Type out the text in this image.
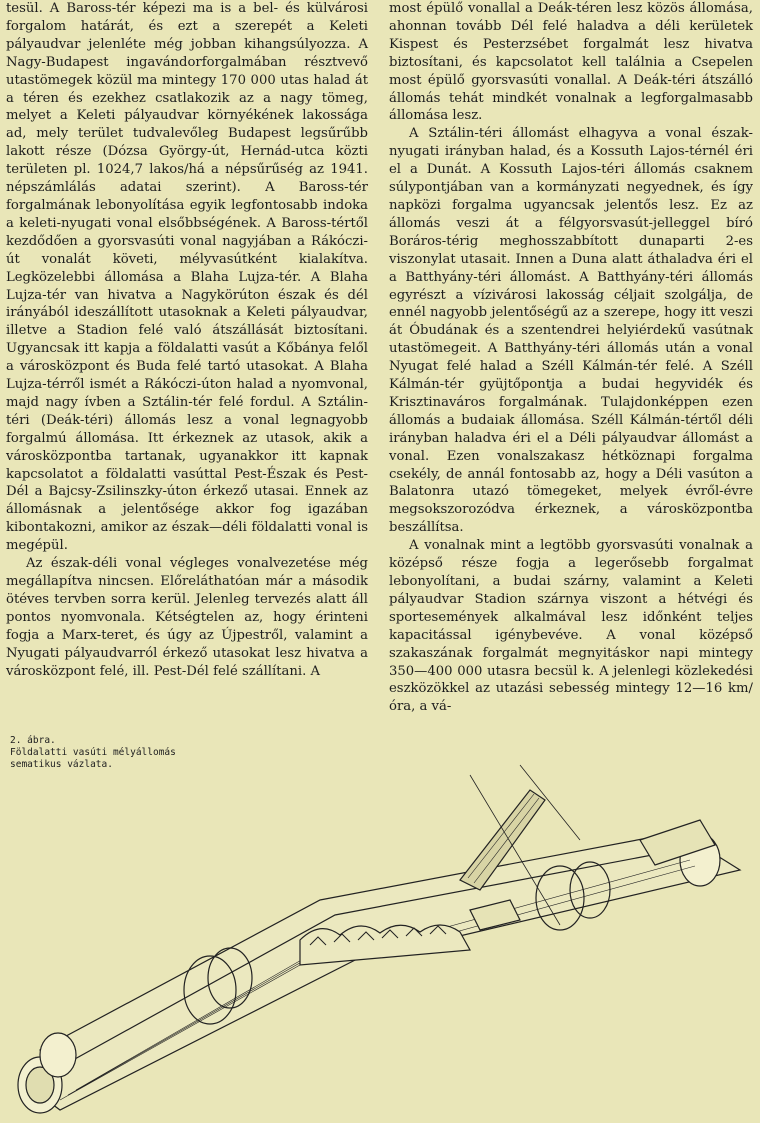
tesül. A Baross-tér képezi ma is a bel- és külvárosi forgalom határát, és ezt a szerepét a Keleti pályaudvar jelenléte még jobban kihangsúlyozza. A Nagy-Budapest ingavándorforgalmában résztvevő utastömegek közül ma mintegy 170 000 utas halad át a téren és ezekhez csatlakozik az a nagy tömeg, melyet a Keleti pályaudvar környékének lakossága ad, mely terület tudvalevőleg Budapest legsűrűbb lakott része (Dózsa György-út, Hernád-utca közti területen pl. 1024,7 lakos/há a népsűrűség az 1941. népszámlálás adatai szerint). A Baross-tér forgalmának lebonyolítása egyik legfontosabb indoka a keleti-nyugati vonal elsőbbségének. A Baross-tértől kezdődően a gyorsvasúti vonal nagyjában a Rákóczi-út vonalát követi, mélyvasútként kialakítva. Legközelebbi állomása a Blaha Lujza-tér. A Blaha Lujza-tér van hivatva a Nagykörúton észak és dél irányából ideszállított utasoknak a Keleti pályaudvar, illetve a Stadion felé való átszállását biztosítani. Ugyancsak itt kapja a földalatti vasút a Kőbánya felől a városközpont és Buda felé tartó utasokat. A Blaha Lujza-térről ismét a Rákóczi-úton halad a nyomvonal, majd nagy ívben a Sztálin-tér felé fordul. A Sztálin-téri (Deák-téri) állomás lesz a vonal legnagyobb forgalmú állomása. Itt érkeznek az utasok, akik a városközpontba tartanak, ugyanakkor itt kapnak kapcsolatot a földalatti vasúttal Pest-Észak és Pest-Dél a Bajcsy-Zsilinszky-úton érkező utasai. Ennek az állomásnak a jelentősége akkor fog igazában kibontakozni, amikor az észak—déli földalatti vonal is megépül.

Az észak-déli vonal végleges vonalvezetése még megállapítva nincsen. Előreláthatóan már a második ötéves tervben sorra kerül. Jelenleg tervezés alatt áll pontos nyomvonala. Kétségtelen az, hogy érinteni fogja a Marx-teret, és úgy az Újpestről, valamint a Nyugati pályaudvarról érkező utasokat lesz hivatva a városközpont felé, ill. Pest-Dél felé szállítani. A

most épülő vonallal a Deák-téren lesz közös állomása, ahonnan tovább Dél felé haladva a déli kerületek Kispest és Pesterzsébet forgalmát lesz hivatva biztosítani, és kapcsolatot kell találnia a Csepelen most épülő gyorsvasúti vonallal. A Deák-téri átszálló állomás tehát mindkét vonalnak a legforgalmasabb állomása lesz.

A Sztálin-téri állomást elhagyva a vonal észak-nyugati irányban halad, és a Kossuth Lajos-térnél éri el a Dunát. A Kossuth Lajos-téri állomás csaknem súlypontjában van a kormányzati negyednek, és így napközi forgalma ugyancsak jelentős lesz. Ez az állomás veszi át a félgyorsvasút-jelleggel bíró Boráros-térig meghosszabbított dunaparti 2-es viszonylat utasait. Innen a Duna alatt áthaladva éri el a Batthyány-téri állomást. A Batthyány-téri állomás egyrészt a vízivárosi lakosság céljait szolgálja, de ennél nagyobb jelentőségű az a szerepe, hogy itt veszi át Óbudának és a szentendrei helyiérdekű vasútnak utastömegeit. A Batthyány-téri állomás után a vonal Nyugat felé halad a Széll Kálmán-tér felé. A Széll Kálmán-tér gyüjtőpontja a budai hegyvidék és Krisztinaváros forgalmának. Tulajdonképpen ezen állomás a budaiak állomása. Széll Kálmán-tértől déli irányban haladva éri el a Déli pályaudvar állomást a vonal. Ezen vonalszakasz hétköznapi forgalma csekély, de annál fontosabb az, hogy a Déli vasúton a Balatonra utazó tömegeket, melyek évről-évre megsokszorozódva érkeznek, a városközpontba beszállítsa.

A vonalnak mint a legtöbb gyorsvasúti vonalnak a középső része fogja a legerősebb forgalmat lebonyolítani, a budai szárny, valamint a Keleti pályaudvar Stadion szárnya viszont a hétvégi és sportesemények alkalmával lesz időnként teljes kapacitással igénybevéve. A vonal középső szakaszának forgalmát megnyitáskor napi mintegy 350—400 000 utasra becsül k. A jelenlegi közlekedési eszközökkel az utazási sebesség mintegy 12—16 km/óra, a vá-

2. ábra.
Földalatti vasúti mélyállomás
sematikus vázlata.
